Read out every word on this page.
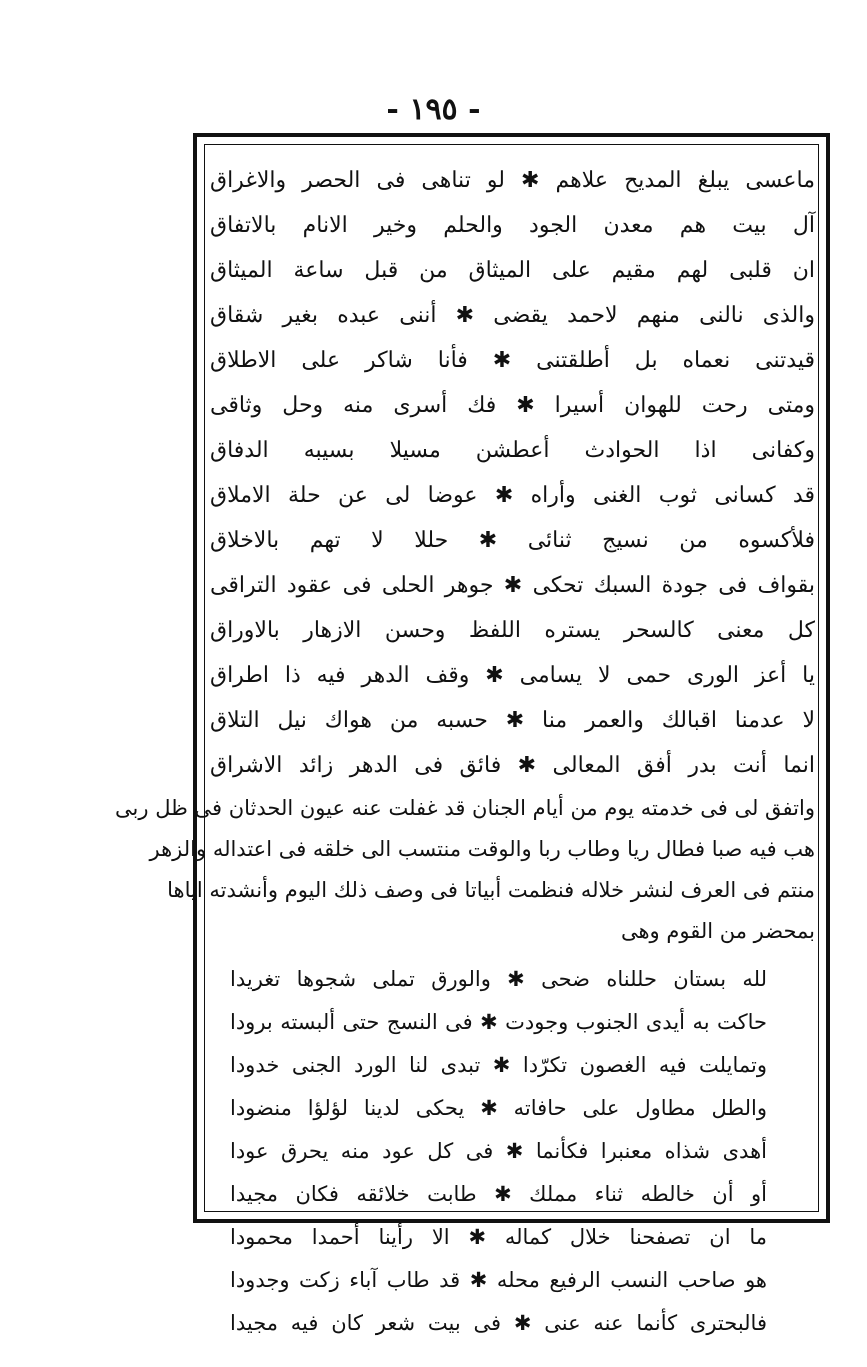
- ١٩٥ -
ماعسى يبلغ المديح علاهم ✱ لو تناهى فى الحصر والاغراق
آل بيت هم معدن الجود والحلم وخير الانام بالاتفاق
ان قلبى لهم مقيم على الميثاق من قبل ساعة الميثاق
والذى نالنى منهم لاحمد يقضى ✱ أننى عبده بغير شقاق
قيدتنى نعماه بل أطلقتنى ✱ فأنا شاكر على الاطلاق
ومتى رحت للهوان أسيرا ✱ فك أسرى منه وحل وثاقى
وكفانى اذا الحوادث أعطشن مسيلا بسيبه الدفاق
قد كسانى ثوب الغنى وأراه ✱ عوضا لى عن حلة الاملاق
فلأكسوه من نسيج ثنائى ✱ حللا لا تهم بالاخلاق
بقواف فى جودة السبك تحكى ✱ جوهر الحلى فى عقود التراقى
كل معنى كالسحر يستره اللفظ وحسن الازهار بالاوراق
يا أعز الورى حمى لا يسامى ✱ وقف الدهر فيه ذا اطراق
لا عدمنا اقبالك والعمر منا ✱ حسبه من هواك نيل التلاق
انما أنت بدر أفق المعالى ✱ فائق فى الدهر زائد الاشراق
واتفق لى فى خدمته يوم من أيام الجنان قد غفلت عنه عيون الحدثان فى ظل ربى
هب فيه صبا فطال ريا وطاب ربا والوقت منتسب الى خلقه فى اعتداله والزهر
منتم فى العرف لنشر خلاله فنظمت أبياتا فى وصف ذلك اليوم وأنشدته اياها
بمحضر من القوم وهى
لله بستان حللناه ضحى ✱ والورق تملى شجوها تغريدا
حاكت به أيدى الجنوب وجودت ✱ فى النسج حتى ألبسته برودا
وتمايلت فيه الغصون تكرّدا ✱ تبدى لنا الورد الجنى خدودا
والطل مطاول على حافاته ✱ يحكى لدينا لؤلؤا منضودا
أهدى شذاه معنبرا فكأنما ✱ فى كل عود منه يحرق عودا
أو أن خالطه ثناء مملك ✱ طابت خلائقه فكان مجيدا
ما ان تصفحنا خلال كماله ✱ الا رأينا أحمدا محمودا
هو صاحب النسب الرفيع محله ✱ قد طاب آباء زكت وجدودا
فالبحترى كأنما عنه عنى ✱ فى بيت شعر كان فيه مجيدا
